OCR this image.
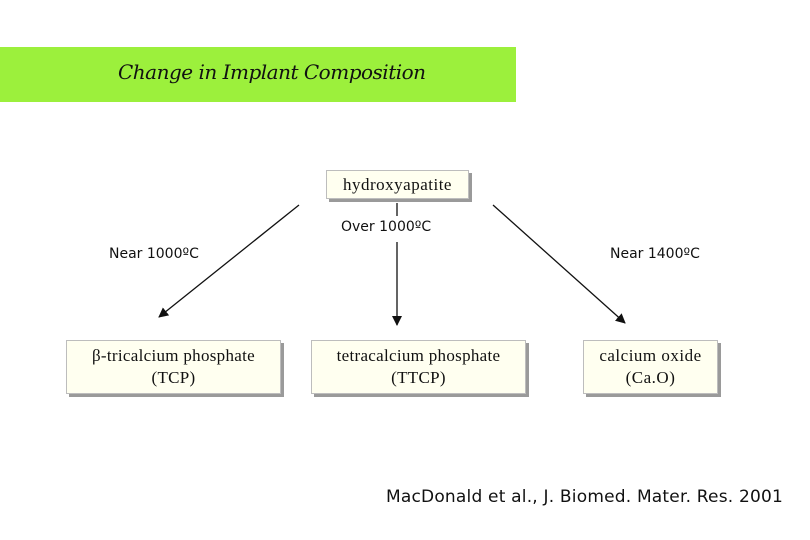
Change in Implant Composition
hydroxyapatite
Over 1000ºC
Near 1000ºC	Near 1400ºC
β-tricalcium phosphate
(TCP)
tetracalcium phosphate
(TTCP)
calcium oxide
(Ca.O)
MacDonald et al., J. Biomed. Mater. Res. 2001
